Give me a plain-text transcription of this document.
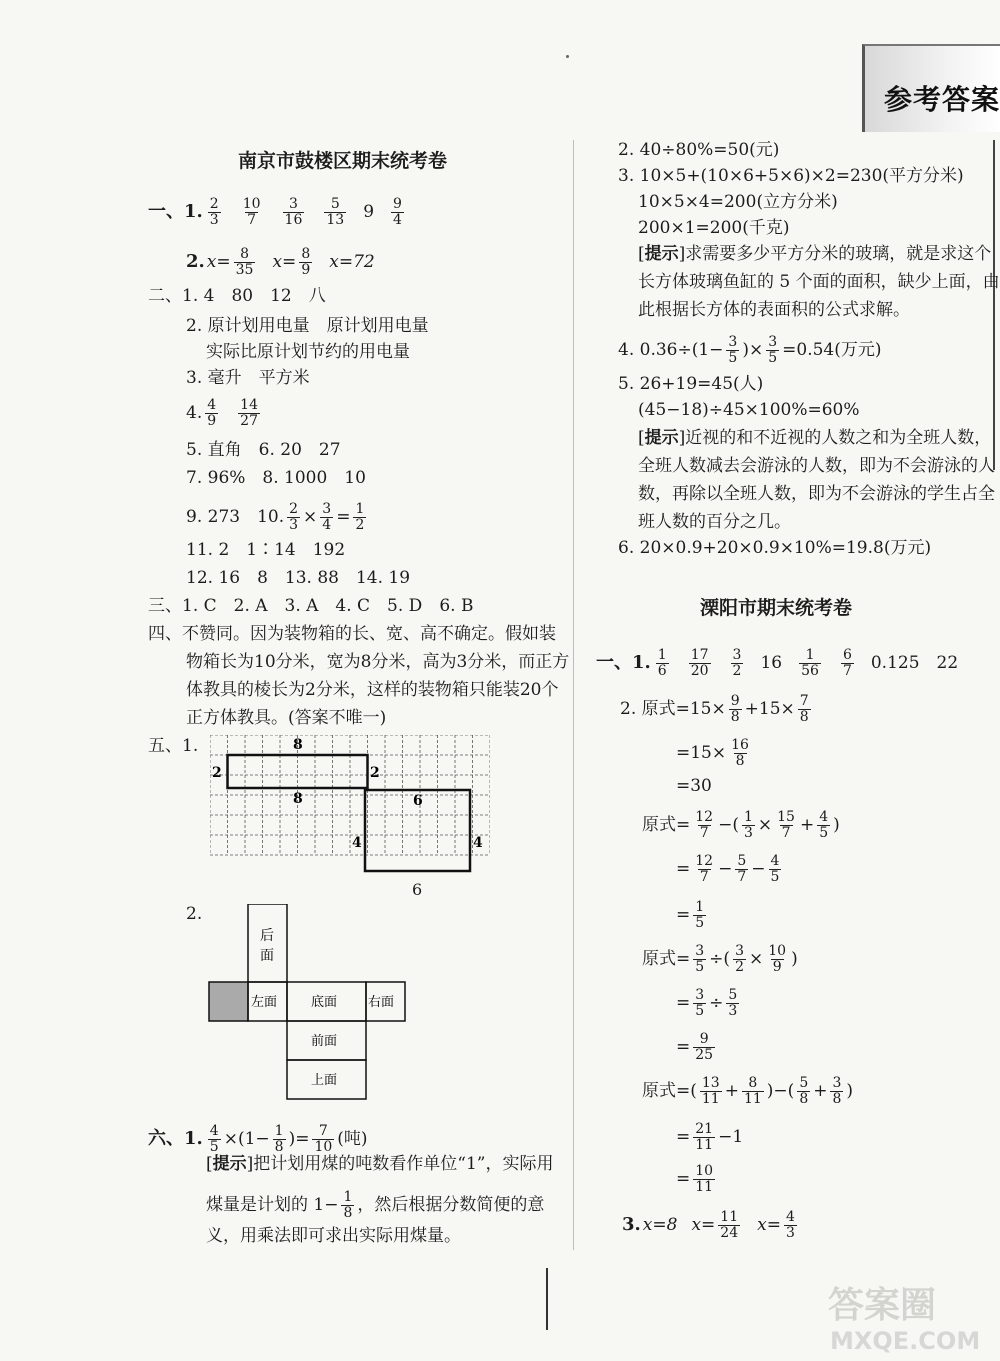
参考答案
南京市鼓楼区期末统考卷
一、1. $\frac{2}{3} \frac{10}{7} \frac{3}{16} \frac{5}{13} 9 \frac{9}{4}$
2. $x= \frac{8}{35} x= \frac{8}{9} x=72$
二、1. 4　80　12　八
2. 原计划用电量　原计划用电量
实际比原计划节约的用电量
3. 毫升　平方米
4. $\frac{4}{9} \frac{14}{27}$
5. 直角　6. 20　27
7. 96%　8. 1000　10
9. 273　10. $\frac{2}{3} \times \frac{3}{4} = \frac{1}{2}$
11. 2　1∶14　192
12. 16　8　13. 88　14. 19
三、1. C　2. A　3. A　4. C　5. D　6. B
四、不赞同。因为装物箱的长、宽、高不确定。假如装
物箱长为10分米，宽为8分米，高为3分米，而正方
体教具的棱长为2分米，这样的装物箱只能装20个
正方体教具。(答案不唯一)
五、1.	8
2	2
8	6
4	4
6
2.
后
面
左面	底面 右面
前面
上面
六、1. $\frac{4}{5} \times(1- \frac{1}{8}$ )= $\frac{7}{10}$ (吨)
[ 提示 ] 把计划用煤的吨数看作单位“1”，实际用
煤量是计划的 $1- \frac{1}{8}$ ，然后根据分数简便的意
义，用乘法即可求出实际用煤量。
2. 40÷80%=50(元)
3. 10×5+(10×6+5×6)×2=230(平方分米)
10×5×4=200(立方分米)
200×1=200(千克)
[ 提示 ] 求需要多少平方分米的玻璃，就是求这个
长方体玻璃鱼缸的 5 个面的面积，缺少上面，由
此根据长方体的表面积的公式求解。
4. $0.36\div(1- \frac{3}{5}$ )× $\frac{3}{5} =0.54$(万元)
5. 26+19=45(人)
(45−18)÷45×100%=60%
[ 提示 ] 近视的和不近视的人数之和为全班人数，
全班人数减去会游泳的人数，即为不会游泳的人
数，再除以全班人数，即为不会游泳的学生占全
班人数的百分之几。
6. 20×0.9+20×0.9×10%=19.8(万元)
溧阳市期末统考卷
一、1. $\frac{1}{6} \frac{17}{20} \frac{3}{2} 16 \frac{1}{56} \frac{6}{7} 0.125$　22
2. 原式$=15\times \frac{9}{8} +15\times \frac{7}{8}$
$=15\times \frac{16}{8}$
=30
原式= $\frac{12}{7}$ −( $\frac{1}{3} \times \frac{15}{7} + \frac{4}{5}$ )
= $\frac{12}{7} - \frac{5}{7} - \frac{4}{5}$
= $\frac{1}{5}$
原式= $\frac{3}{5}$ ÷( $\frac{3}{2} \times \frac{10}{9}$ )
= $\frac{3}{5} \div \frac{5}{3}$
= $\frac{9}{25}$
原式=( $\frac{13}{11} + \frac{8}{11}$ )−( $\frac{5}{8} + \frac{3}{8}$ )
= $\frac{21}{11} -1$
= $\frac{10}{11}$
3. x=8 $x= \frac{11}{24} x= \frac{4}{3}$
答案圈
MXQE.COM
